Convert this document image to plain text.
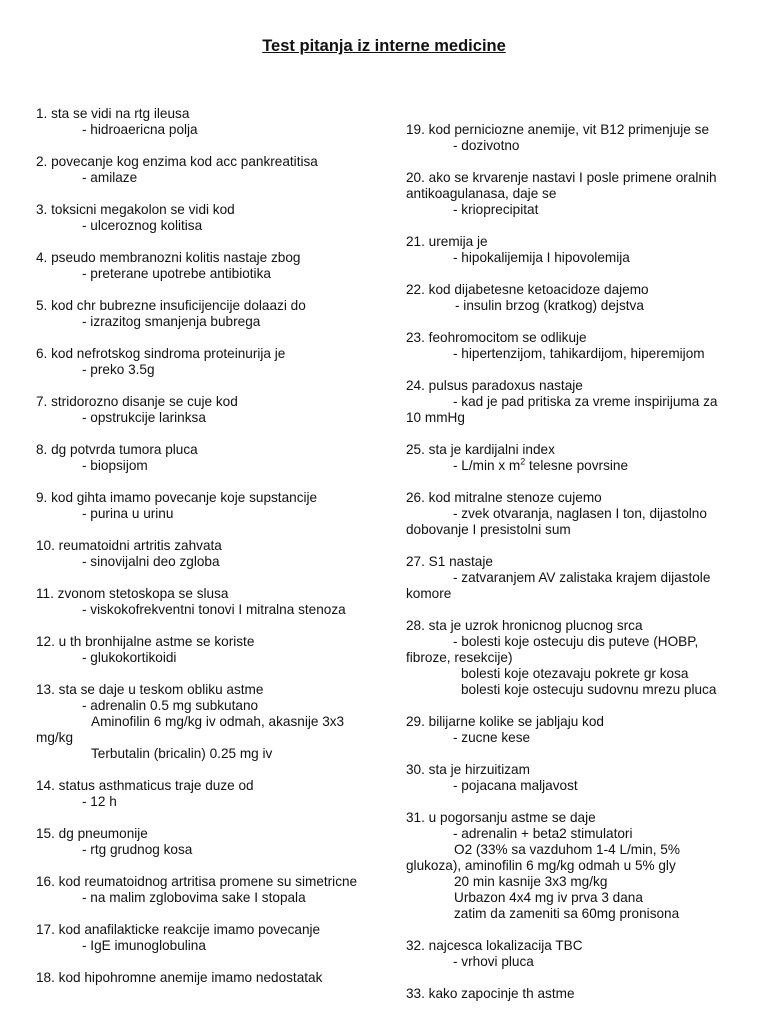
Test pitanja iz interne medicine
1. sta se vidi na rtg ileusa
- hidroaericna polja
2. povecanje kog enzima kod acc pankreatitisa
- amilaze
3. toksicni megakolon se vidi kod
- ulceroznog kolitisa
4. pseudo membranozni kolitis nastaje zbog
- preterane upotrebe antibiotika
5. kod chr bubrezne insuficijencije dolaazi do
- izrazitog smanjenja bubrega
6. kod nefrotskog sindroma proteinurija je
- preko 3.5g
7. stridorozno disanje se cuje kod
- opstrukcije larinksa
8. dg potvrda tumora pluca
- biopsijom
9. kod gihta imamo povecanje koje supstancije
- purina u urinu
10. reumatoidni artritis zahvata
- sinovijalni deo zgloba
11. zvonom stetoskopa se slusa
- viskokofrekventni tonovi I mitralna stenoza
12. u th bronhijalne astme se koriste
- glukokortikoidi
13. sta se daje u teskom obliku astme
- adrenalin 0.5 mg subkutano
Aminofilin 6 mg/kg iv odmah, akasnije 3x3
mg/kg
Terbutalin (bricalin) 0.25 mg iv
14. status asthmaticus traje duze od
- 12 h
15. dg pneumonije
- rtg grudnog kosa
16. kod reumatoidnog artritisa promene su simetricne
- na malim zglobovima sake I stopala
17. kod anafilakticke reakcije imamo povecanje
- IgE imunoglobulina
18. kod hipohromne anemije imamo nedostatak
19. kod perniciozne anemije, vit B12 primenjuje se
- dozivotno
20. ako se krvarenje nastavi I posle primene oralnih antikoagulanasa, daje se
- krioprecipitat
21. uremija je
- hipokalijemija I hipovolemija
22. kod dijabetesne ketoacidoze dajemo
- insulin brzog (kratkog) dejstva
23. feohromocitom se odlikuje
- hipertenzijom, tahikardijom, hiperemijom
24. pulsus paradoxus nastaje
- kad je pad pritiska za vreme inspirijuma za
10 mmHg
25. sta je kardijalni index
- L/min x $m^2$ telesne povrsine
26. kod mitralne stenoze cujemo
- zvek otvaranja, naglasen I ton, dijastolno
dobovanje I presistolni sum
27. S1 nastaje
- zatvaranjem AV zalistaka krajem dijastole
komore
28. sta je uzrok hronicnog plucnog srca
- bolesti koje ostecuju dis puteve (HOBP,
fibroze, resekcije)
bolesti koje otezavaju pokrete gr kosa
bolesti koje ostecuju sudovnu mrezu pluca
29. bilijarne kolike se jabljaju kod
- zucne kese
30. sta je hirzuitizam
- pojacana maljavost
31. u pogorsanju astme se daje
- adrenalin + beta2 stimulatori
O2 (33% sa vazduhom 1-4 L/min, 5%
glukoza), aminofilin 6 mg/kg odmah u 5% gly
20 min kasnije 3x3 mg/kg
Urbazon 4x4 mg iv prva 3 dana
zatim da zameniti sa 60mg pronisona
32. najcesca lokalizacija TBC
- vrhovi pluca
33. kako zapocinje th astme
